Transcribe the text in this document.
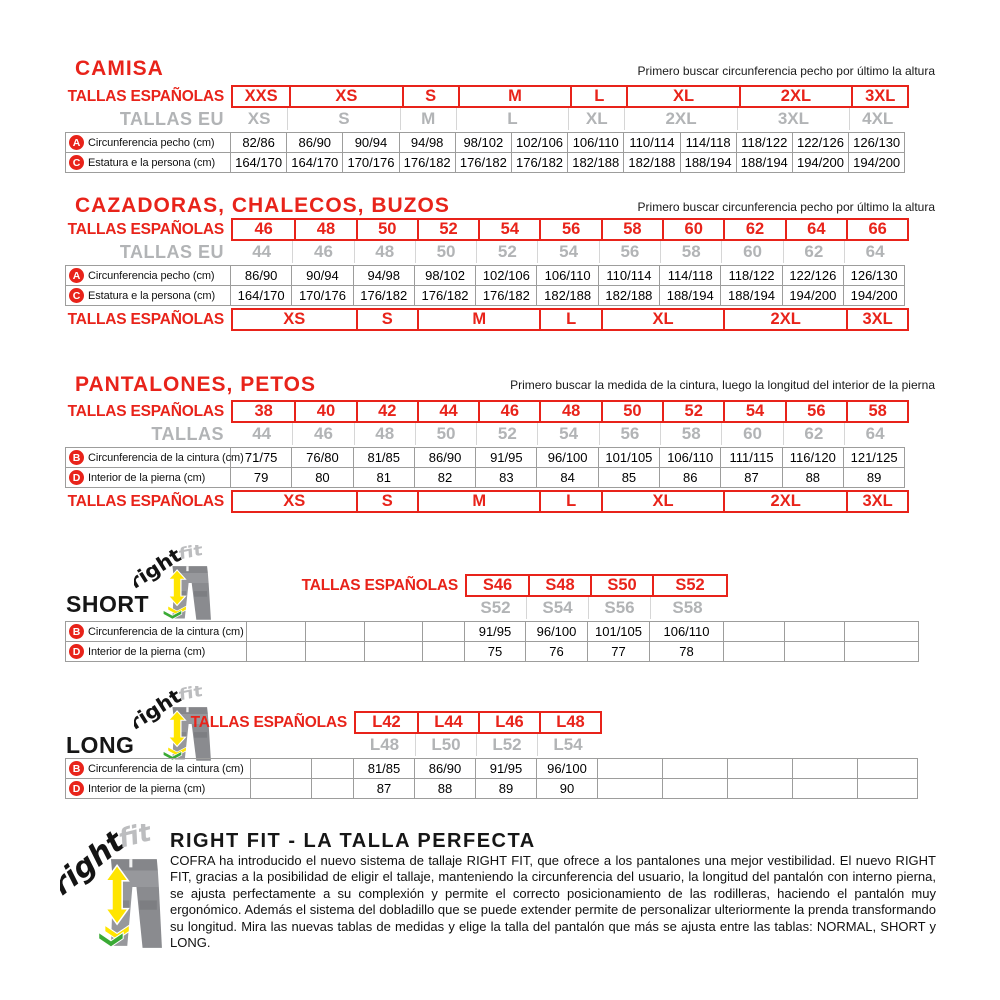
CAMISA	Primero buscar circunferencia pecho por último la altura
TALLAS ESPAÑOLAS	XXS	XS	S	M	L	XL	2XL	3XL
TALLAS EU	XS	S	M	L	XL	2XL	3XL	4XL
A Circunferencia pecho (cm)	82/86	86/90	90/94	94/98	98/102 102/106 106/110 110/114 114/118 118/122 122/126 126/130
C Estatura e la persona (cm)	164/170 164/170 170/176 176/182 176/182 176/182 182/188 182/188 188/194 188/194 194/200 194/200
CAZADORAS, CHALECOS, BUZOS	Primero buscar circunferencia pecho por último la altura
TALLAS ESPAÑOLAS	46	48	50	52	54	56	58	60	62	64	66
TALLAS EU	44	46	48	50	52	54	56	58	60	62	64
A Circunferencia pecho (cm)	86/90	90/94	94/98	98/102	102/106	106/110	110/114	114/118	118/122	122/126	126/130
C Estatura e la persona (cm)	164/170	170/176	176/182	176/182	176/182	182/188	182/188	188/194	188/194	194/200	194/200
TALLAS ESPAÑOLAS	XS	S	M	L	XL	2XL	3XL
PANTALONES, PETOS	Primero buscar la medida de la cintura, luego la longitud del interior de la pierna
TALLAS ESPAÑOLAS	38	40	42	44	46	48	50	52	54	56	58
TALLAS	44	46	48	50	52	54	56	58	60	62	64
B Circunferencia de la cintura (cm) 71/75	76/80	81/85	86/90	91/95	96/100	101/105	106/110	111/115	116/120	121/125
D Interior de la pierna (cm)	79	80	81	82	83	84	85	86	87	88	89
TALLAS ESPAÑOLAS	XS	S	M	L	XL	2XL	3XL
SHORT
TALLAS ESPAÑOLAS	S46	S48	S50	S52
S52	S54	S56	S58
B Circunferencia de la cintura (cm)	91/95	96/100	101/105	106/110
D Interior de la pierna (cm)	75	76	77	78
LONG
TALLAS ESPAÑOLAS	L42	L44	L46	L48
L48	L50	L52	L54
B Circunferencia de la cintura (cm)	81/85	86/90	91/95	96/100
D Interior de la pierna (cm)	87	88	89	90
RIGHT FIT - LA TALLA PERFECTA

COFRA ha introducido el nuevo sistema de tallaje RIGHT FIT, que ofrece a los pantalones una mejor vestibilidad. El nuevo RIGHT FIT, gracias a la posibilidad de eligir el tallaje, manteniendo la circunferencia del usuario, la longitud del pantalón con interno pierna, se ajusta perfectamente a su complexión y permite el correcto posicionamiento de las rodilleras, haciendo el pantalón muy ergonómico. Además el sistema del dobladillo que se puede extender permite de personalizar ulteriormente la prenda transformando su longitud. Mira las nuevas tablas de medidas y elige la talla del pantalón que más se ajusta entre las tablas: NORMAL, SHORT y LONG.
